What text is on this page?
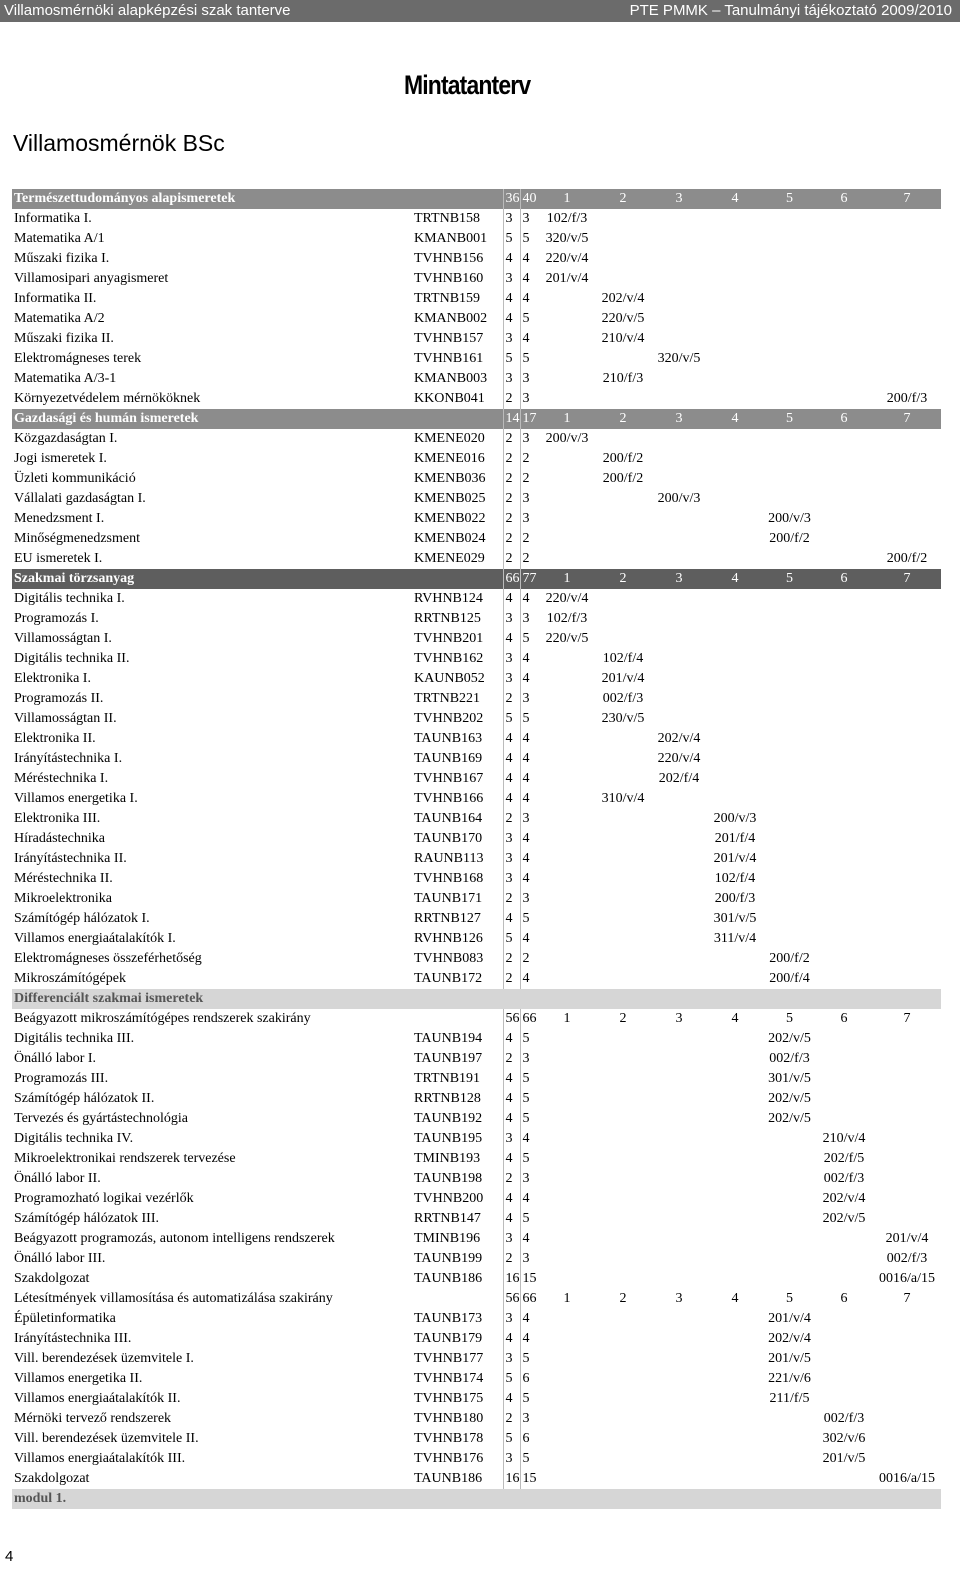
Villamosmérnöki alapképzési szak tanterve	PTE PMMK – Tanulmányi tájékoztató 2009/2010
Mintatanterv
Villamosmérnök BSc
Természettudományos alapismeretek		36	40	1	2	3	4	5	6	7
Informatika I.	TRTNB158	3	3	102/f/3						
Matematika A/1	KMANB001	5	5	320/v/5						
Műszaki fizika I.	TVHNB156	4	4	220/v/4						
Villamosipari anyagismeret	TVHNB160	3	4	201/v/4						
Informatika II.	TRTNB159	4	4		202/v/4					
Matematika A/2	KMANB002	4	5		220/v/5					
Műszaki fizika II.	TVHNB157	3	4		210/v/4					
Elektromágneses terek	TVHNB161	5	5			320/v/5				
Matematika A/3-1	KMANB003	3	3		210/f/3					
Környezetvédelem mérnököknek	KKONB041	2	3							200/f/3
Gazdasági és humán ismeretek		14	17	1	2	3	4	5	6	7
Közgazdaságtan I.	KMENE020	2	3	200/v/3						
Jogi ismeretek I.	KMENE016	2	2		200/f/2					
Üzleti kommunikáció	KMENB036	2	2		200/f/2					
Vállalati gazdaságtan I.	KMENB025	2	3			200/v/3				
Menedzsment I.	KMENB022	2	3					200/v/3		
Minőségmenedzsment	KMENB024	2	2					200/f/2		
EU ismeretek I.	KMENE029	2	2							200/f/2
Szakmai törzsanyag		66	77	1	2	3	4	5	6	7
Digitális technika I.	RVHNB124	4	4	220/v/4						
Programozás I.	RRTNB125	3	3	102/f/3						
Villamosságtan I.	TVHNB201	4	5	220/v/5						
Digitális technika II.	TVHNB162	3	4		102/f/4					
Elektronika I.	KAUNB052	3	4		201/v/4					
Programozás II.	TRTNB221	2	3		002/f/3					
Villamosságtan II.	TVHNB202	5	5		230/v/5					
Elektronika II.	TAUNB163	4	4			202/v/4				
Irányítástechnika I.	TAUNB169	4	4			220/v/4				
Méréstechnika I.	TVHNB167	4	4			202/f/4				
Villamos energetika I.	TVHNB166	4	4		310/v/4					
Elektronika III.	TAUNB164	2	3				200/v/3			
Híradástechnika	TAUNB170	3	4				201/f/4			
Irányítástechnika II.	RAUNB113	3	4				201/v/4			
Méréstechnika II.	TVHNB168	3	4				102/f/4			
Mikroelektronika	TAUNB171	2	3				200/f/3			
Számítógép hálózatok I.	RRTNB127	4	5				301/v/5			
Villamos energiaátalakítók I.	RVHNB126	5	4				311/v/4			
Elektromágneses összeférhetőség	TVHNB083	2	2					200/f/2		
Mikroszámítógépek	TAUNB172	2	4					200/f/4		
Differenciált szakmai ismeretek										
Beágyazott mikroszámítógépes rendszerek szakirány		56	66	1	2	3	4	5	6	7
Digitális technika III.	TAUNB194	4	5					202/v/5		
Önálló labor I.	TAUNB197	2	3					002/f/3		
Programozás III.	TRTNB191	4	5					301/v/5		
Számítógép hálózatok II.	RRTNB128	4	5					202/v/5		
Tervezés és gyártástechnológia	TAUNB192	4	5					202/v/5		
Digitális technika IV.	TAUNB195	3	4						210/v/4	
Mikroelektronikai rendszerek tervezése	TMINB193	4	5						202/f/5	
Önálló labor II.	TAUNB198	2	3						002/f/3	
Programozható logikai vezérlők	TVHNB200	4	4						202/v/4	
Számítógép hálózatok III.	RRTNB147	4	5						202/v/5	
Beágyazott programozás, autonom intelligens rendszerek	TMINB196	3	4							201/v/4
Önálló labor III.	TAUNB199	2	3							002/f/3
Szakdolgozat	TAUNB186	16	15							0016/a/15
Létesítmények villamosítása és automatizálása szakirány		56	66	1	2	3	4	5	6	7
Épületinformatika	TAUNB173	3	4					201/v/4		
Irányítástechnika III.	TAUNB179	4	4					202/v/4		
Vill. berendezések üzemvitele I.	TVHNB177	3	5					201/v/5		
Villamos energetika II.	TVHNB174	5	6					221/v/6		
Villamos energiaátalakítók II.	TVHNB175	4	5					211/f/5		
Mérnöki tervező rendszerek	TVHNB180	2	3						002/f/3	
Vill. berendezések üzemvitele II.	TVHNB178	5	6						302/v/6	
Villamos energiaátalakítók III.	TVHNB176	3	5						201/v/5	
Szakdolgozat	TAUNB186	16	15							0016/a/15
modul 1.										
4
